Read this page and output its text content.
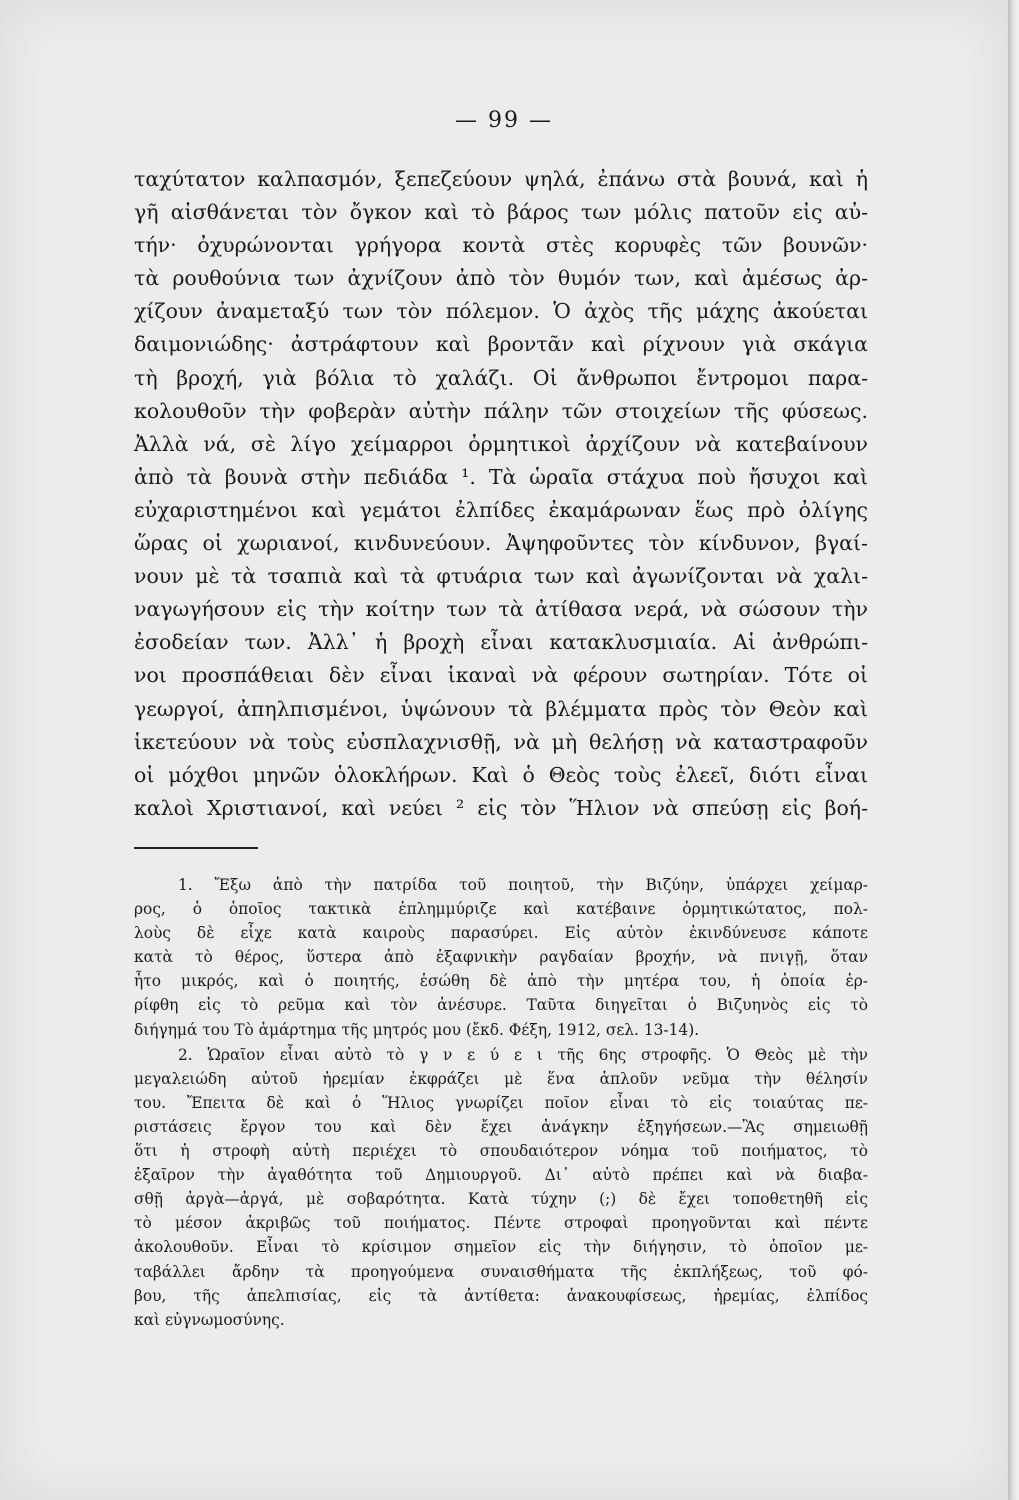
— 99 —
ταχύτατον καλπασμόν, ξεπεζεύουν ψηλά, ἐπάνω στὰ βουνά, καὶ ἡ
γῆ αἰσθάνεται τὸν ὄγκον καὶ τὸ βάρος των μόλις πατοῦν εἰς αὐ-
τήν· ὀχυρώνονται γρήγορα κοντὰ στὲς κορυφὲς τῶν βουνῶν·
τὰ ρουθούνια των ἀχνίζουν ἀπὸ τὸν θυμόν των, καὶ ἀμέσως ἀρ-
χίζουν ἀναμεταξύ των τὸν πόλεμον. Ὁ ἀχὸς τῆς μάχης ἀκούεται
δαιμονιώδης· ἀστράφτουν καὶ βροντᾶν καὶ ρίχνουν γιὰ σκάγια
τὴ βροχή, γιὰ βόλια τὸ χαλάζι. Οἱ ἄνθρωποι ἔντρομοι παρα-
κολουθοῦν τὴν φοβερὰν αὐτὴν πάλην τῶν στοιχείων τῆς φύσεως.
Ἀλλὰ νά, σὲ λίγο χείμαρροι ὁρμητικοὶ ἀρχίζουν νὰ κατεβαίνουν
ἀπὸ τὰ βουνὰ στὴν πεδιάδα ¹. Τὰ ὡραῖα στάχυα ποὺ ἤσυχοι καὶ
εὐχαριστημένοι καὶ γεμάτοι ἐλπίδες ἐκαμάρωναν ἕως πρὸ ὀλίγης
ὥρας οἱ χωριανοί, κινδυνεύουν. Ἀψηφοῦντες τὸν κίνδυνον, βγαί-
νουν μὲ τὰ τσαπιὰ καὶ τὰ φτυάρια των καὶ ἀγωνίζονται νὰ χαλι-
ναγωγήσουν εἰς τὴν κοίτην των τὰ ἀτίθασα νερά, νὰ σώσουν τὴν
ἐσοδείαν των. Ἀλλ᾿ ἡ βροχὴ εἶναι κατακλυσμιαία. Αἱ ἀνθρώπι-
νοι προσπάθειαι δὲν εἶναι ἱκαναὶ νὰ φέρουν σωτηρίαν. Τότε οἱ
γεωργοί, ἀπηλπισμένοι, ὑψώνουν τὰ βλέμματα πρὸς τὸν Θεὸν καὶ
ἱκετεύουν νὰ τοὺς εὐσπλαχνισθῇ, νὰ μὴ θελήσῃ νὰ καταστραφοῦν
οἱ μόχθοι μηνῶν ὁλοκλήρων. Καὶ ὁ Θεὸς τοὺς ἐλεεῖ, διότι εἶναι
καλοὶ Χριστιανοί, καὶ νεύει ² εἰς τὸν Ἥλιον νὰ σπεύσῃ εἰς βοή-
1. Ἔξω ἀπὸ τὴν πατρίδα τοῦ ποιητοῦ, τὴν Βιζύην, ὑπάρχει χείμαρ-
ρος, ὁ ὁποῖος τακτικὰ ἐπλημμύριζε καὶ κατέβαινε ὁρμητικώτατος, πολ-
λοὺς δὲ εἶχε κατὰ καιροὺς παρασύρει. Εἰς αὐτὸν ἐκινδύνευσε κάποτε
κατὰ τὸ θέρος, ὕστερα ἀπὸ ἐξαφνικὴν ραγδαίαν βροχήν, νὰ πνιγῇ, ὅταν
ἦτο μικρός, καὶ ὁ ποιητής, ἐσώθη δὲ ἀπὸ τὴν μητέρα του, ἡ ὁποία ἐρ-
ρίφθη εἰς τὸ ρεῦμα καὶ τὸν ἀνέσυρε. Ταῦτα διηγεῖται ὁ Βιζυηνὸς εἰς τὸ
διήγημά του Τὸ ἁμάρτημα τῆς μητρός μου (ἔκδ. Φέξη, 1912, σελ. 13-14).
2. Ὡραῖον εἶναι αὐτὸ τὸ γ ν ε ύ ε ι τῆς 6ης στροφῆς. Ὁ Θεὸς μὲ τὴν
μεγαλειώδη αὐτοῦ ἠρεμίαν ἐκφράζει μὲ ἕνα ἁπλοῦν νεῦμα τὴν θέλησίν
του. Ἔπειτα δὲ καὶ ὁ Ἥλιος γνωρίζει ποῖον εἶναι τὸ εἰς τοιαύτας πε-
ριστάσεις ἔργον του καὶ δὲν ἔχει ἀνάγκην ἐξηγήσεων.—Ἂς σημειωθῇ
ὅτι ἡ στροφὴ αὐτὴ περιέχει τὸ σπουδαιότερον νόημα τοῦ ποιήματος, τὸ
ἐξαῖρον τὴν ἀγαθότητα τοῦ Δημιουργοῦ. Δι᾿ αὐτὸ πρέπει καὶ νὰ διαβα-
σθῇ ἀργὰ—ἀργά, μὲ σοβαρότητα. Κατὰ τύχην (;) δὲ ἔχει τοποθετηθῆ εἰς
τὸ μέσον ἀκριβῶς τοῦ ποιήματος. Πέντε στροφαὶ προηγοῦνται καὶ πέντε
ἀκολουθοῦν. Εἶναι τὸ κρίσιμον σημεῖον εἰς τὴν διήγησιν, τὸ ὁποῖον με-
ταβάλλει ἄρδην τὰ προηγούμενα συναισθήματα τῆς ἐκπλήξεως, τοῦ φό-
βου, τῆς ἀπελπισίας, εἰς τὰ ἀντίθετα: ἀνακουφίσεως, ἠρεμίας, ἐλπίδος
καὶ εὐγνωμοσύνης.
